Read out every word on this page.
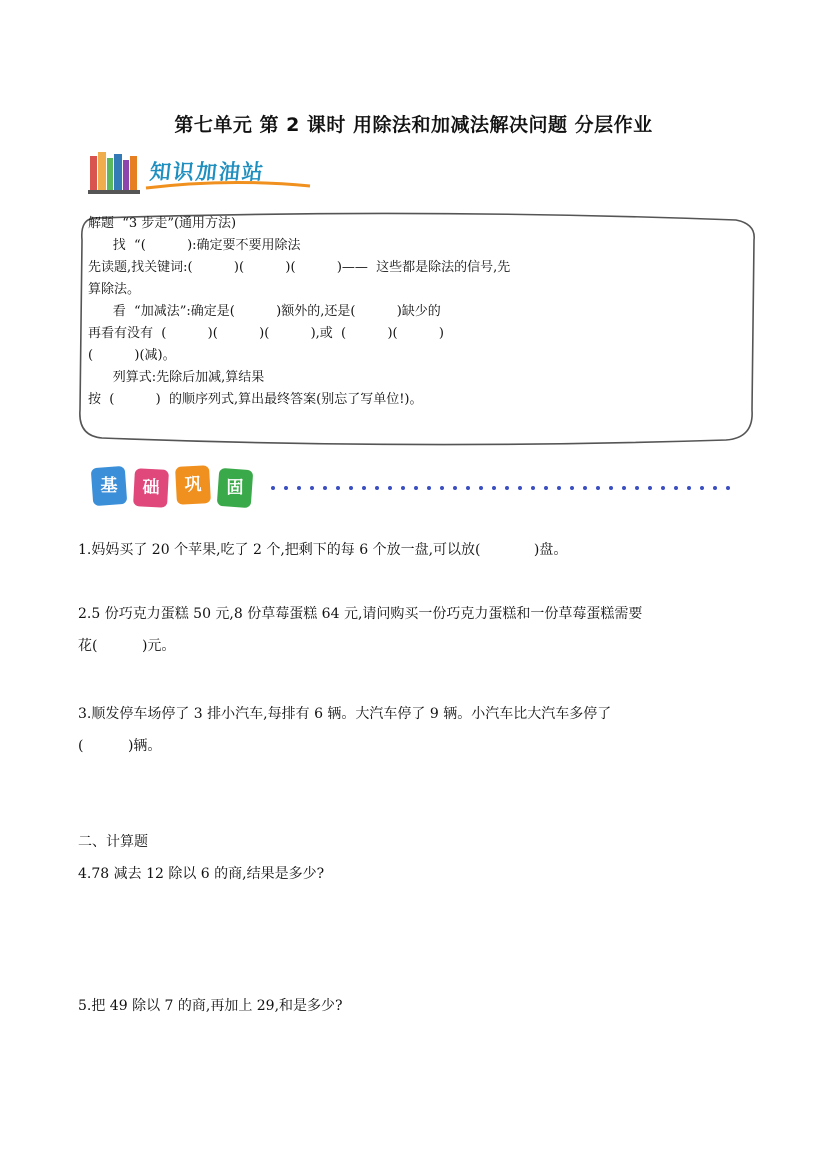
第七单元 第 2 课时 用除法和加减法解决问题 分层作业
知识加油站
解题  “3 步走”(通用方法)
找  “(          ):确定要不要用除法
先读题,找关键词:(          )(          )(          )——  这些都是除法的信号,先
算除法。
看  “加减法”:确定是(          )额外的,还是(          )缺少的
再看有没有  (          )(          )(          ),或  (          )(          )
(          )(减)。
列算式:先除后加减,算结果
按  (          )  的顺序列式,算出最终答案(别忘了写单位!)。
基	础	巩	固
1.妈妈买了 20 个苹果,吃了 2 个,把剩下的每 6 个放一盘,可以放(            )盘。
2.5 份巧克力蛋糕 50 元,8 份草莓蛋糕 64 元,请问购买一份巧克力蛋糕和一份草莓蛋糕需要
花(          )元。
3.顺发停车场停了 3 排小汽车,每排有 6 辆。大汽车停了 9 辆。小汽车比大汽车多停了
(          )辆。
二、计算题
4.78 减去 12 除以 6 的商,结果是多少?
5.把 49 除以 7 的商,再加上 29,和是多少?
